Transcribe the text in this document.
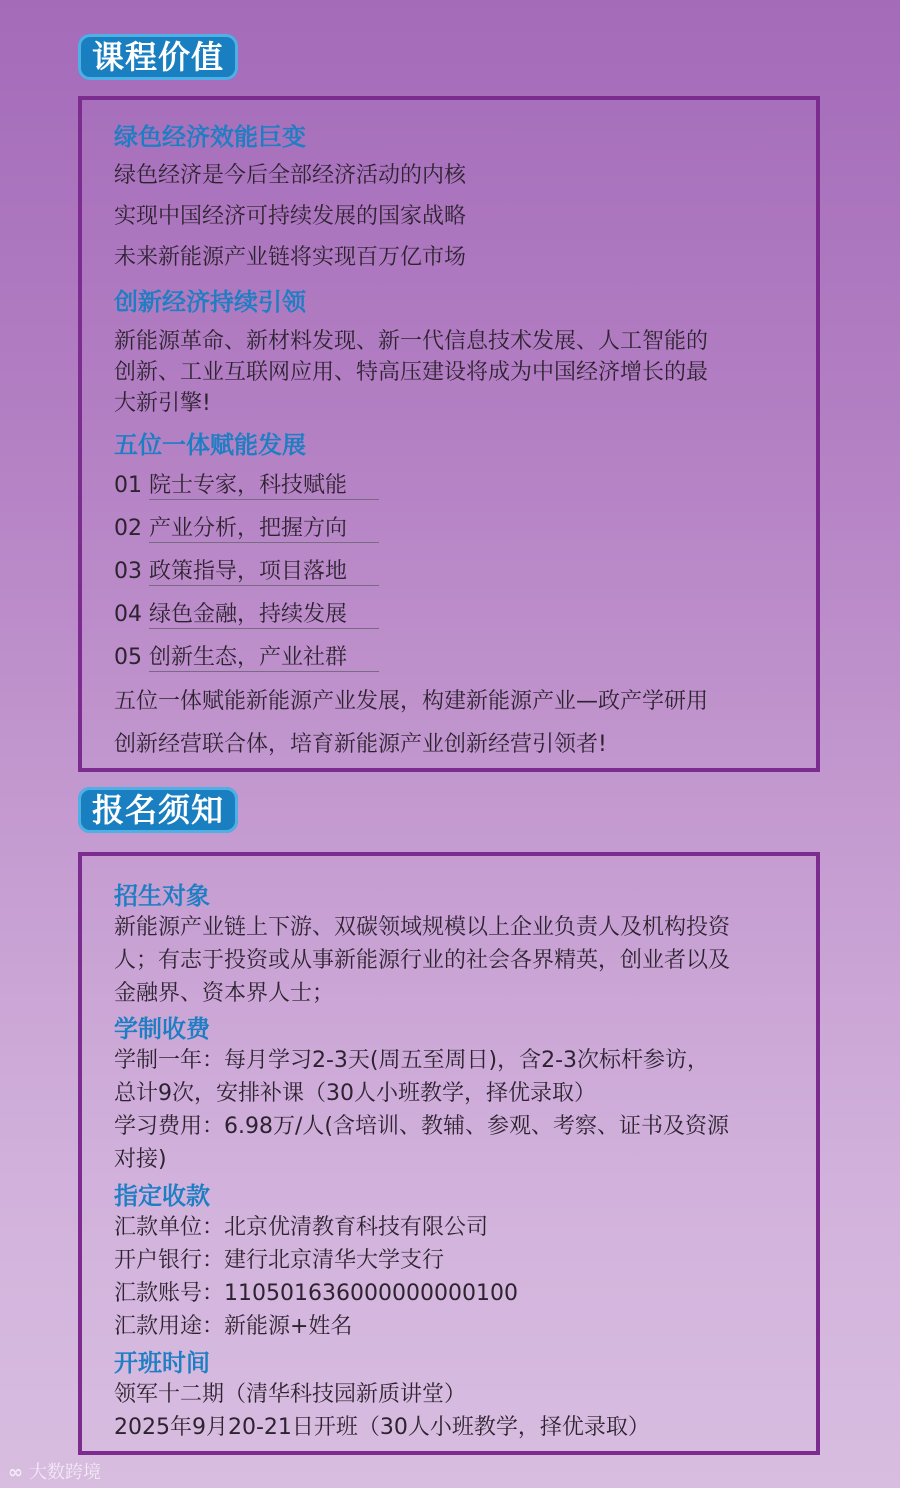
课程价值
绿色经济效能巨变
绿色经济是今后全部经济活动的内核
实现中国经济可持续发展的国家战略
未来新能源产业链将实现百万亿市场
创新经济持续引领
新能源革命、新材料发现、新一代信息技术发展、人工智能的
创新、工业互联网应用、特高压建设将成为中国经济增长的最
大新引擎!
五位一体赋能发展
01 院士专家，科技赋能
02 产业分析，把握方向
03 政策指导，项目落地
04 绿色金融，持续发展
05 创新生态，产业社群
五位一体赋能新能源产业发展，构建新能源产业—政产学研用
创新经营联合体，培育新能源产业创新经营引领者!
报名须知
招生对象
新能源产业链上下游、双碳领域规模以上企业负责人及机构投资
人；有志于投资或从事新能源行业的社会各界精英，创业者以及
金融界、资本界人士；
学制收费
学制一年：每月学习2-3天(周五至周日)，含2-3次标杆参访，
总计9次，安排补课（30人小班教学，择优录取）
学习费用：6.98万/人(含培训、教辅、参观、考察、证书及资源
对接)
指定收款
汇款单位：北京优清教育科技有限公司
开户银行：建行北京清华大学支行
汇款账号：110501636000000000100
汇款用途：新能源+姓名
开班时间
领军十二期（清华科技园新质讲堂）
2025年9月20-21日开班（30人小班教学，择优录取）
∞ 大数跨境
